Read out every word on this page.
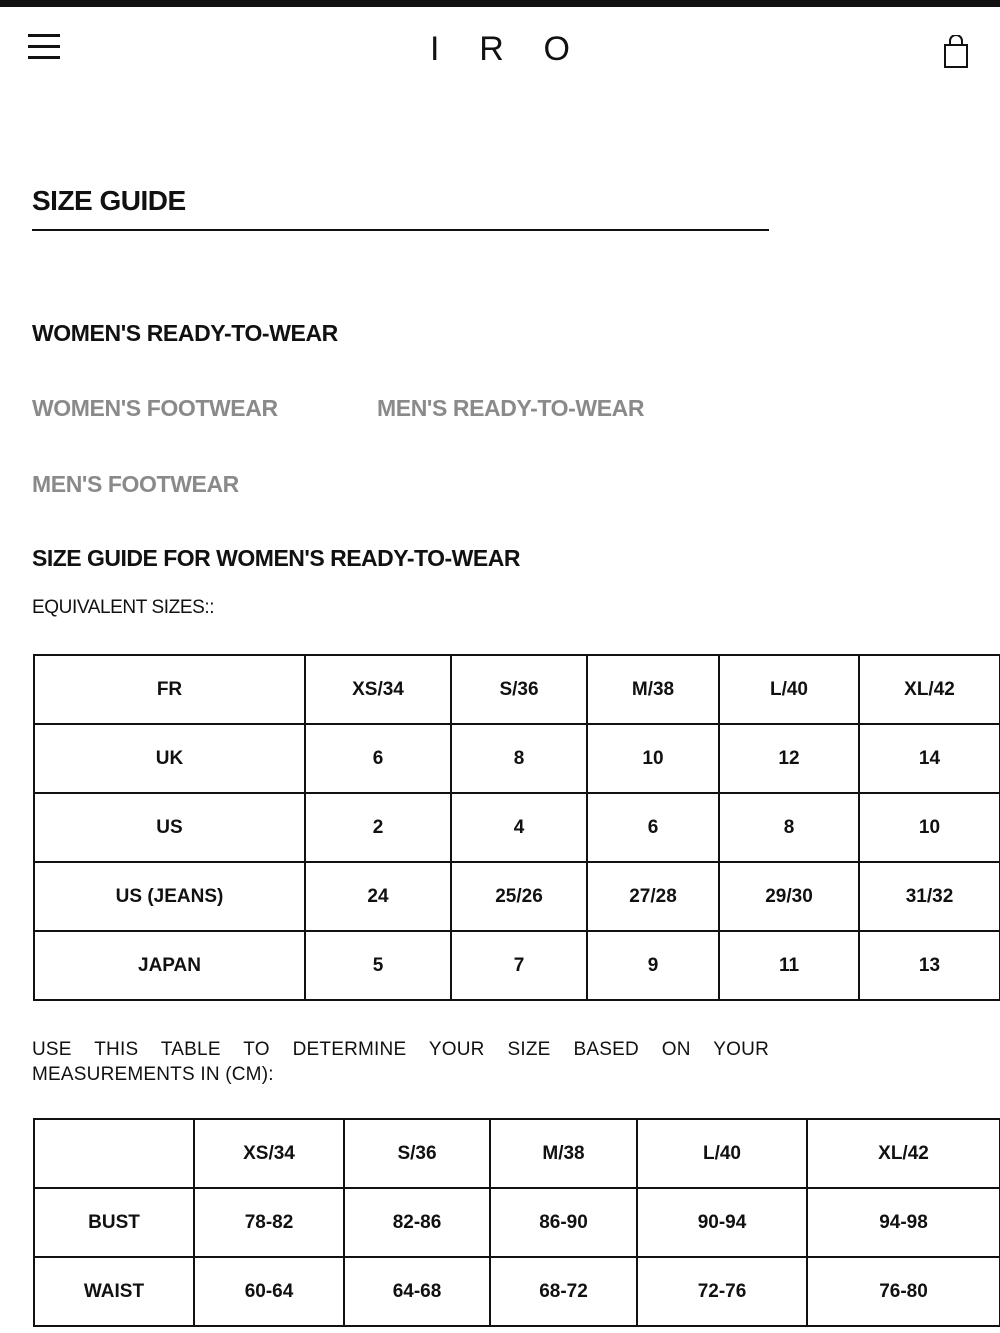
I R O
SIZE GUIDE
WOMEN'S READY-TO-WEAR
WOMEN'S FOOTWEAR	MEN'S READY-TO-WEAR
MEN'S FOOTWEAR
SIZE GUIDE FOR WOMEN'S READY-TO-WEAR
EQUIVALENT SIZES::
FR	XS/34	S/36	M/38	L/40	XL/42
UK	6	8	10	12	14
US	2	4	6	8	10
US (JEANS)	24	25/26	27/28	29/30	31/32
JAPAN	5	7	9	11	13
USE THIS TABLE TO DETERMINE YOUR SIZE BASED ON YOUR MEASUREMENTS IN (CM):
	XS/34	S/36	M/38	L/40	XL/42
BUST	78-82	82-86	86-90	90-94	94-98
WAIST	60-64	64-68	68-72	72-76	76-80
